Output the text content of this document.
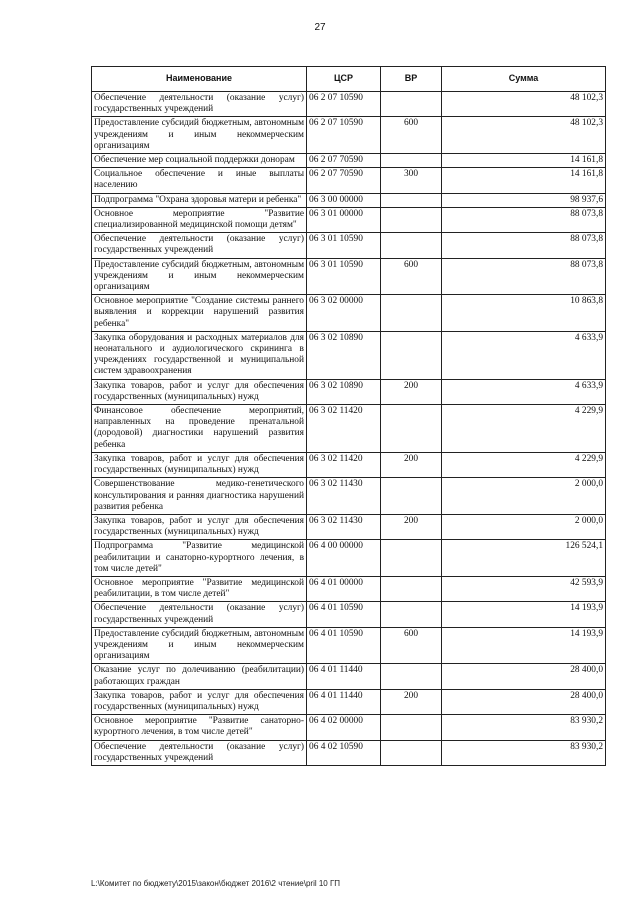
27
Наименование	ЦСР	ВР	Сумма
Обеспечение деятельности (оказание услуг) государственных учреждений	06 2 07 10590		48 102,3
Предоставление субсидий бюджетным, автономным учреждениям и иным некоммерческим организациям	06 2 07 10590	600	48 102,3
Обеспечение мер социальной поддержки донорам	06 2 07 70590		14 161,8
Социальное обеспечение и иные выплаты населению	06 2 07 70590	300	14 161,8
Подпрограмма "Охрана здоровья матери и ребенка"	06 3 00 00000		98 937,6
Основное мероприятие "Развитие специализированной медицинской помощи детям"	06 3 01 00000		88 073,8
Обеспечение деятельности (оказание услуг) государственных учреждений	06 3 01 10590		88 073,8
Предоставление субсидий бюджетным, автономным учреждениям и иным некоммерческим организациям	06 3 01 10590	600	88 073,8
Основное мероприятие "Создание системы раннего выявления и коррекции нарушений развития ребенка"	06 3 02 00000		10 863,8
Закупка оборудования и расходных материалов для неонатального и аудиологического скрининга в учреждениях государственной и муниципальной систем здравоохранения	06 3 02 10890		4 633,9
Закупка товаров, работ и услуг для обеспечения государственных (муниципальных) нужд	06 3 02 10890	200	4 633,9
Финансовое обеспечение мероприятий, направленных на проведение пренатальной (дородовой) диагностики нарушений развития ребенка	06 3 02 11420		4 229,9
Закупка товаров, работ и услуг для обеспечения государственных (муниципальных) нужд	06 3 02 11420	200	4 229,9
Совершенствование медико-генетического консультирования и ранняя диагностика нарушений развития ребенка	06 3 02 11430		2 000,0
Закупка товаров, работ и услуг для обеспечения государственных (муниципальных) нужд	06 3 02 11430	200	2 000,0
Подпрограмма "Развитие медицинской реабилитации и санаторно-курортного лечения, в том числе детей"	06 4 00 00000		126 524,1
Основное мероприятие "Развитие медицинской реабилитации, в том числе детей"	06 4 01 00000		42 593,9
Обеспечение деятельности (оказание услуг) государственных учреждений	06 4 01 10590		14 193,9
Предоставление субсидий бюджетным, автономным учреждениям и иным некоммерческим организациям	06 4 01 10590	600	14 193,9
Оказание услуг по долечиванию (реабилитации) работающих граждан	06 4 01 11440		28 400,0
Закупка товаров, работ и услуг для обеспечения государственных (муниципальных) нужд	06 4 01 11440	200	28 400,0
Основное мероприятие "Развитие санаторно-курортного лечения, в том числе детей"	06 4 02 00000		83 930,2
Обеспечение деятельности (оказание услуг) государственных учреждений	06 4 02 10590		83 930,2
L:\Комитет по бюджету\2015\закон\бюджет 2016\2 чтение\pril 10 ГП
